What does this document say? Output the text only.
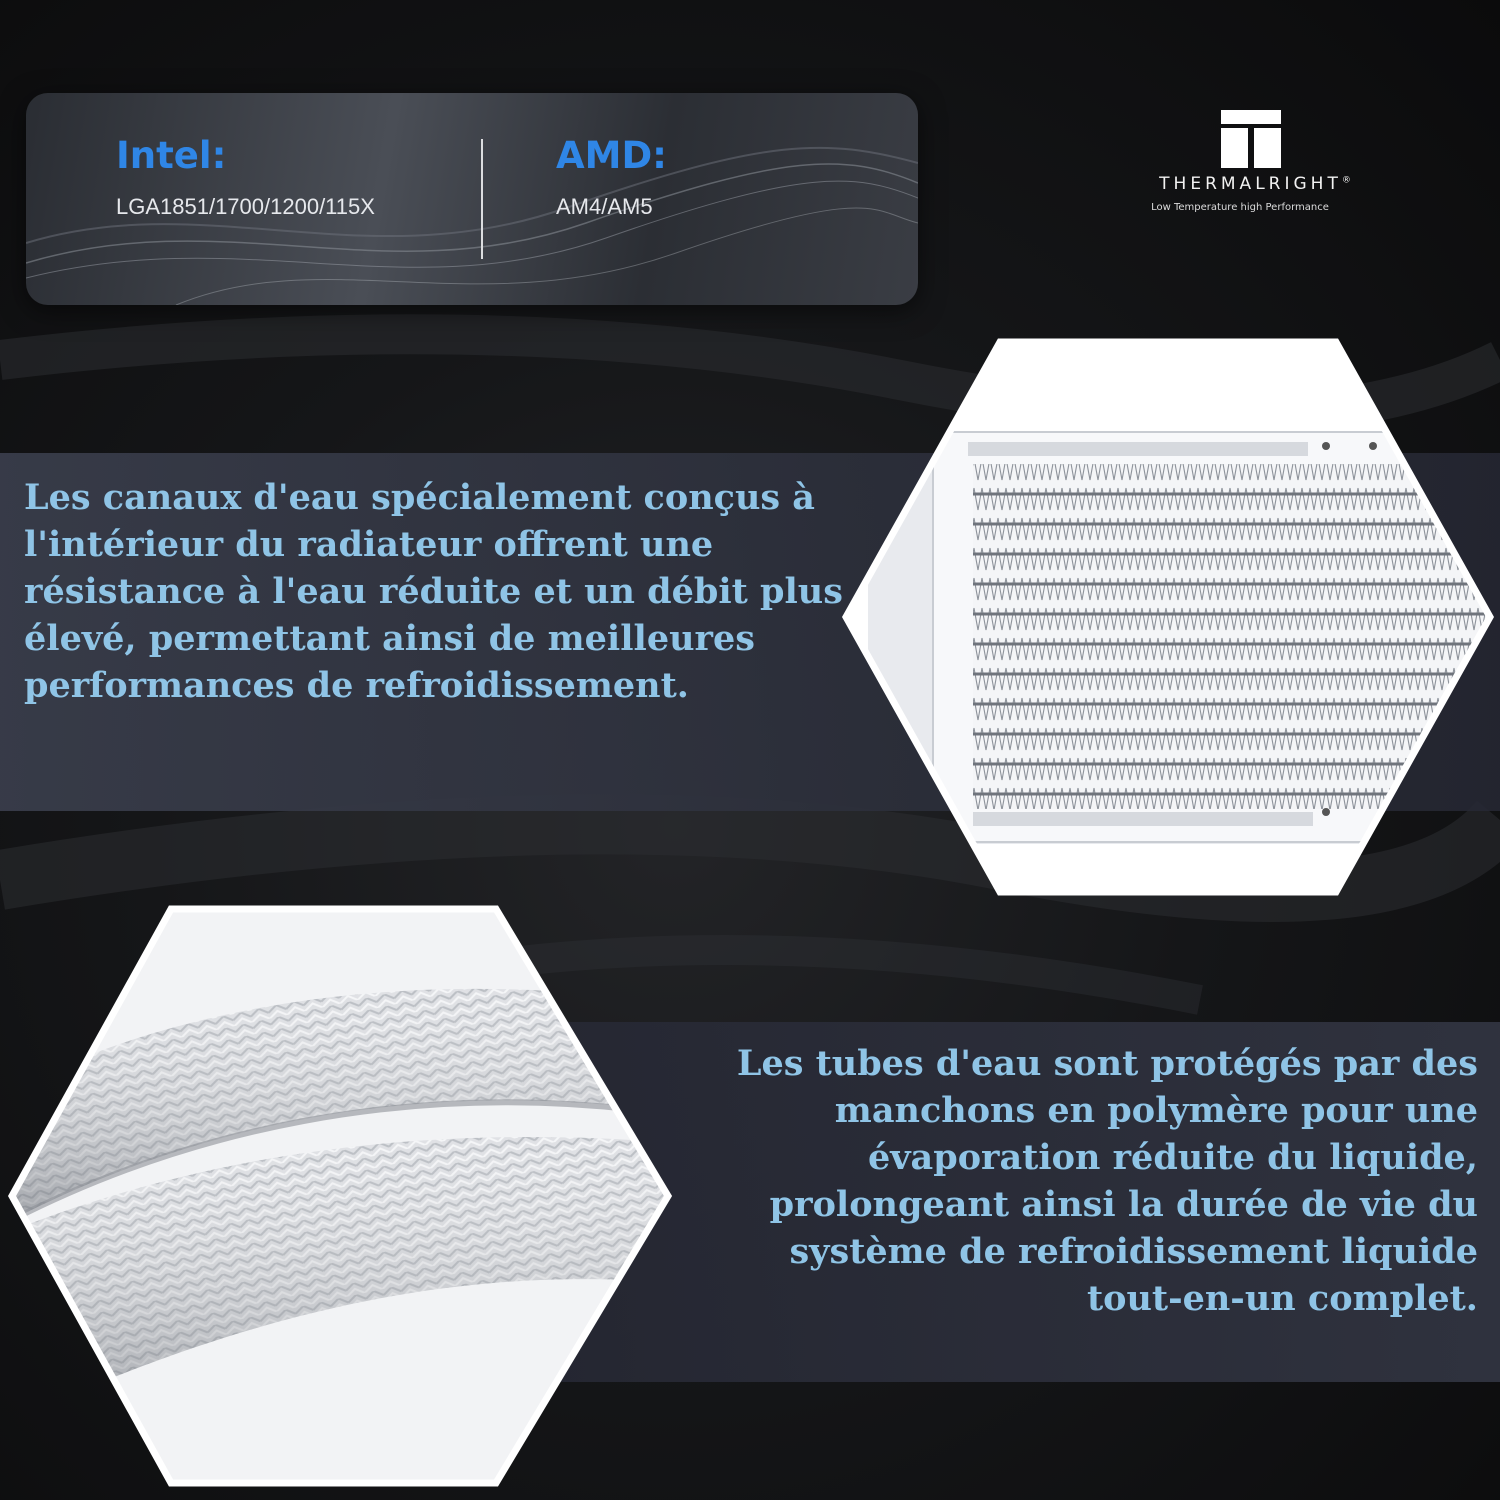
Intel:
LGA1851/1700/1200/115X
AMD:
AM4/AM5
THERMALRIGHT®
Low Temperature high Performance

Les canaux d'eau spécialement conçus à l'intérieur du radiateur offrent une résistance à l'eau réduite et un débit plus élevé, permettant ainsi de meilleures performances de refroidissement.

Les tubes d'eau sont protégés par des manchons en polymère pour une évaporation réduite du liquide, prolongeant ainsi la durée de vie du système de refroidissement liquide tout-en-un complet.
